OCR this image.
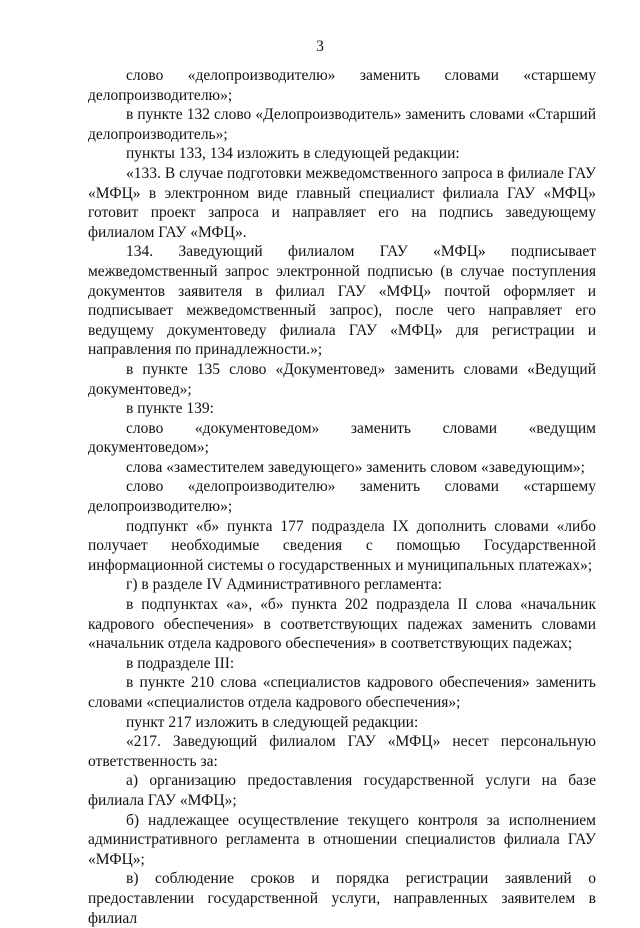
3

слово «делопроизводителю» заменить словами «старшему делопроизводителю»;

в пункте 132 слово «Делопроизводитель» заменить словами «Старший делопроизводитель»;

пункты 133, 134 изложить в следующей редакции:

«133. В случае подготовки межведомственного запроса в филиале ГАУ «МФЦ» в электронном виде главный специалист филиала ГАУ «МФЦ» готовит проект запроса и направляет его на подпись заведующему филиалом ГАУ «МФЦ».

134. Заведующий филиалом ГАУ «МФЦ» подписывает межведомственный запрос электронной подписью (в случае поступления документов заявителя в филиал ГАУ «МФЦ» почтой оформляет и подписывает межведомственный запрос), после чего направляет его ведущему документоведу филиала ГАУ «МФЦ» для регистрации и направления по принадлежности.»;

в пункте 135 слово «Документовед» заменить словами «Ведущий документовед»;

в пункте 139:

слово «документоведом» заменить словами «ведущим документоведом»;

слова «заместителем заведующего» заменить словом «заведующим»;

слово «делопроизводителю» заменить словами «старшему делопроизводителю»;

подпункт «б» пункта 177 подраздела IX дополнить словами «либо получает необходимые сведения с помощью Государственной информационной системы о государственных и муниципальных платежах»;

г) в разделе IV Административного регламента:

в подпунктах «а», «б» пункта 202 подраздела II слова «начальник кадрового обеспечения» в соответствующих падежах заменить словами «начальник отдела кадрового обеспечения» в соответствующих падежах;

в подразделе III:

в пункте 210 слова «специалистов кадрового обеспечения» заменить словами «специалистов отдела кадрового обеспечения»;

пункт 217 изложить в следующей редакции:

«217. Заведующий филиалом ГАУ «МФЦ» несет персональную ответственность за:

а) организацию предоставления государственной услуги на базе филиала ГАУ «МФЦ»;

б) надлежащее осуществление текущего контроля за исполнением административного регламента в отношении специалистов филиала ГАУ «МФЦ»;

в) соблюдение сроков и порядка регистрации заявлений о предоставлении государственной услуги, направленных заявителем в филиал
